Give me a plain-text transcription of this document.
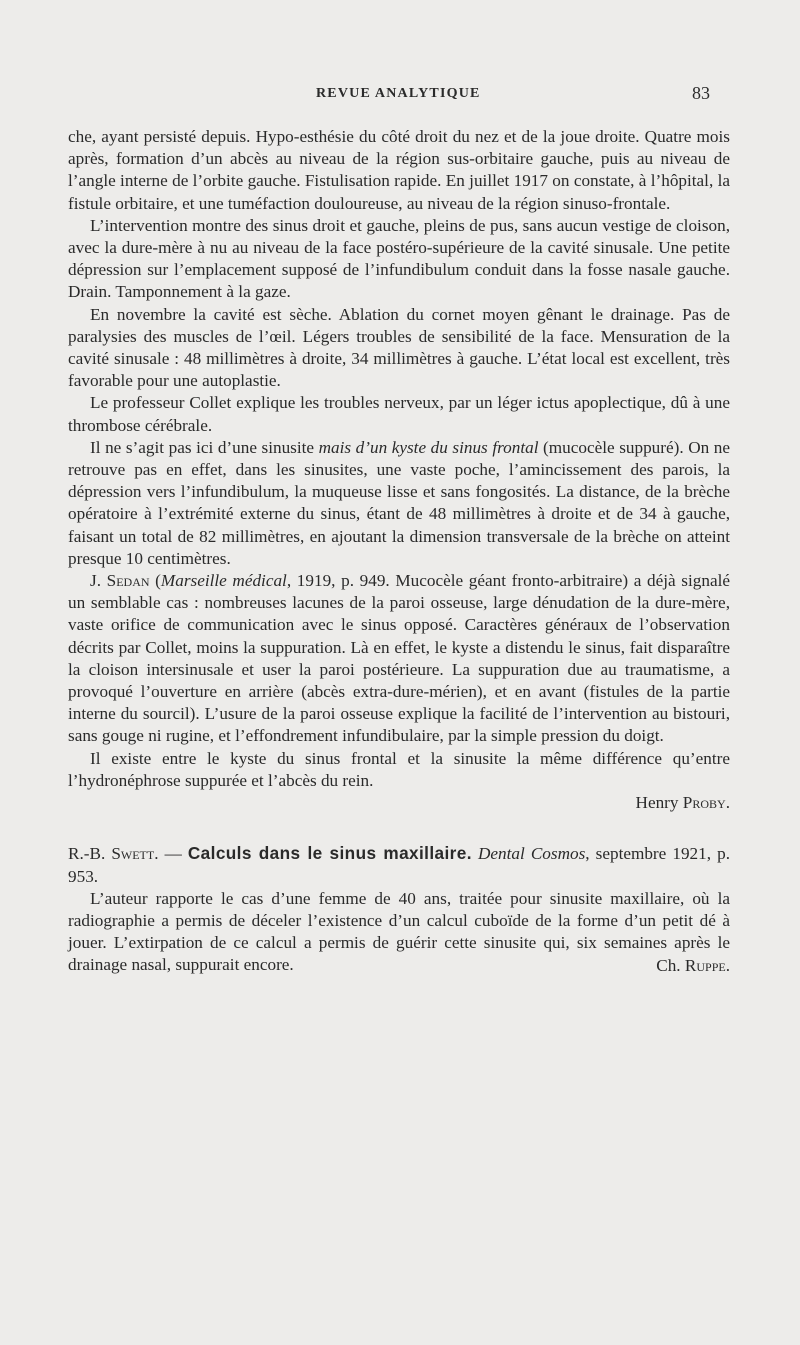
REVUE ANALYTIQUE	83

che, ayant persisté depuis. Hypo-esthésie du côté droit du nez et de la joue droite. Quatre mois après, formation d’un abcès au niveau de la région sus-orbitaire gauche, puis au niveau de l’angle interne de l’orbite gauche. Fistulisation rapide. En juillet 1917 on constate, à l’hôpital, la fistule orbitaire, et une tuméfaction douloureuse, au niveau de la région sinuso-frontale.

L’intervention montre des sinus droit et gauche, pleins de pus, sans aucun vestige de cloison, avec la dure-mère à nu au niveau de la face postéro-supérieure de la cavité sinusale. Une petite dépression sur l’emplacement supposé de l’infundibulum conduit dans la fosse nasale gauche. Drain. Tamponnement à la gaze.

En novembre la cavité est sèche. Ablation du cornet moyen gênant le drainage. Pas de paralysies des muscles de l’œil. Légers troubles de sensibilité de la face. Mensuration de la cavité sinusale : 48 millimètres à droite, 34 millimètres à gauche. L’état local est excellent, très favorable pour une autoplastie.

Le professeur Collet explique les troubles nerveux, par un léger ictus apoplectique, dû à une thrombose cérébrale.

Il ne s’agit pas ici d’une sinusite mais d’un kyste du sinus frontal (mucocèle suppuré). On ne retrouve pas en effet, dans les sinusites, une vaste poche, l’amincissement des parois, la dépression vers l’infundibulum, la muqueuse lisse et sans fongosités. La distance, de la brèche opératoire à l’extrémité externe du sinus, étant de 48 millimètres à droite et de 34 à gauche, faisant un total de 82 millimètres, en ajoutant la dimension transversale de la brèche on atteint presque 10 centimètres.

J. Sedan (Marseille médical, 1919, p. 949. Mucocèle géant fronto-arbitraire) a déjà signalé un semblable cas : nombreuses lacunes de la paroi osseuse, large dénudation de la dure-mère, vaste orifice de communication avec le sinus opposé. Caractères généraux de l’observation décrits par Collet, moins la suppuration. Là en effet, le kyste a distendu le sinus, fait disparaître la cloison intersinusale et user la paroi postérieure. La suppuration due au traumatisme, a provoqué l’ouverture en arrière (abcès extra-dure-mérien), et en avant (fistules de la partie interne du sourcil). L’usure de la paroi osseuse explique la facilité de l’intervention au bistouri, sans gouge ni rugine, et l’effondrement infundibulaire, par la simple pression du doigt.

Il existe entre le kyste du sinus frontal et la sinusite la même différence qu’entre l’hydronéphrose suppurée et l’abcès du rein.

Henry Proby.

R.-B. Swett. — Calculs dans le sinus maxillaire. Dental Cosmos, septembre 1921, p. 953.

L’auteur rapporte le cas d’une femme de 40 ans, traitée pour sinusite maxillaire, où la radiographie a permis de déceler l’existence d’un calcul cuboïde de la forme d’un petit dé à jouer. L’extirpation de ce calcul a permis de guérir cette sinusite qui, six semaines après le drainage nasal, suppurait encore.	Ch. Ruppe.
